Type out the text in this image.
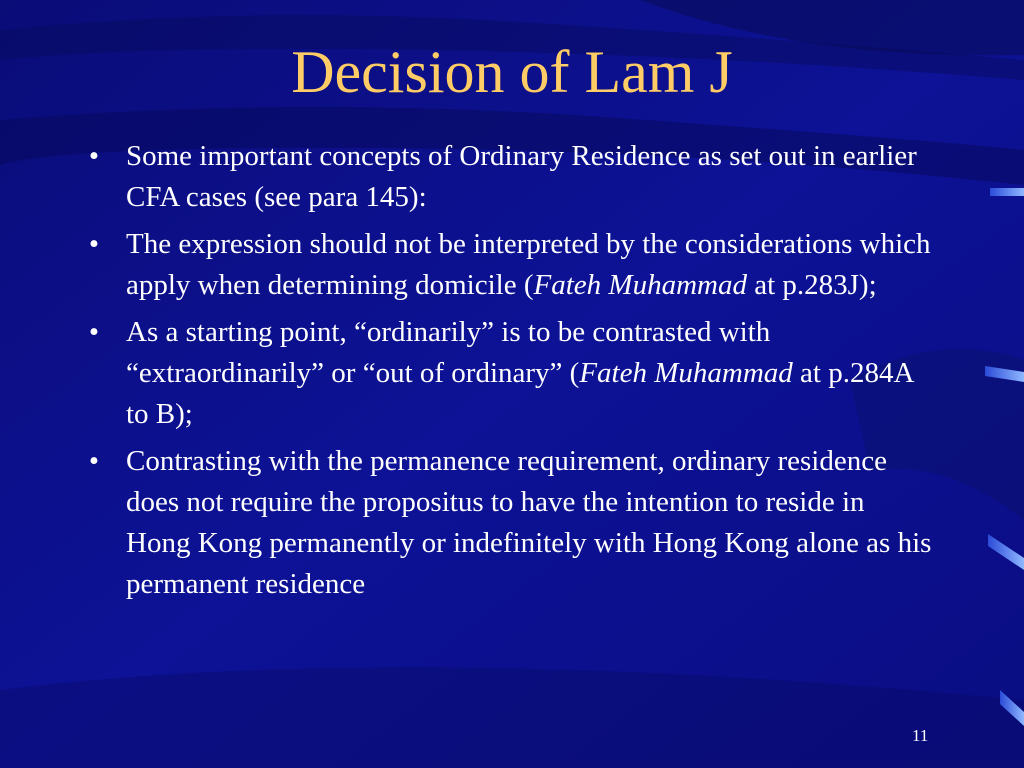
Decision of Lam J
• Some important concepts of Ordinary Residence as set out in earlier CFA cases (see para 145):
• The expression should not be interpreted by the considerations which apply when determining domicile (Fateh Muhammad at p.283J);
• As a starting point, “ordinarily” is to be contrasted with “extraordinarily” or “out of ordinary” (Fateh Muhammad at p.284A to B);
• Contrasting with the permanence requirement, ordinary residence does not require the propositus to have the intention to reside in Hong Kong permanently or indefinitely with Hong Kong alone as his permanent residence
11
